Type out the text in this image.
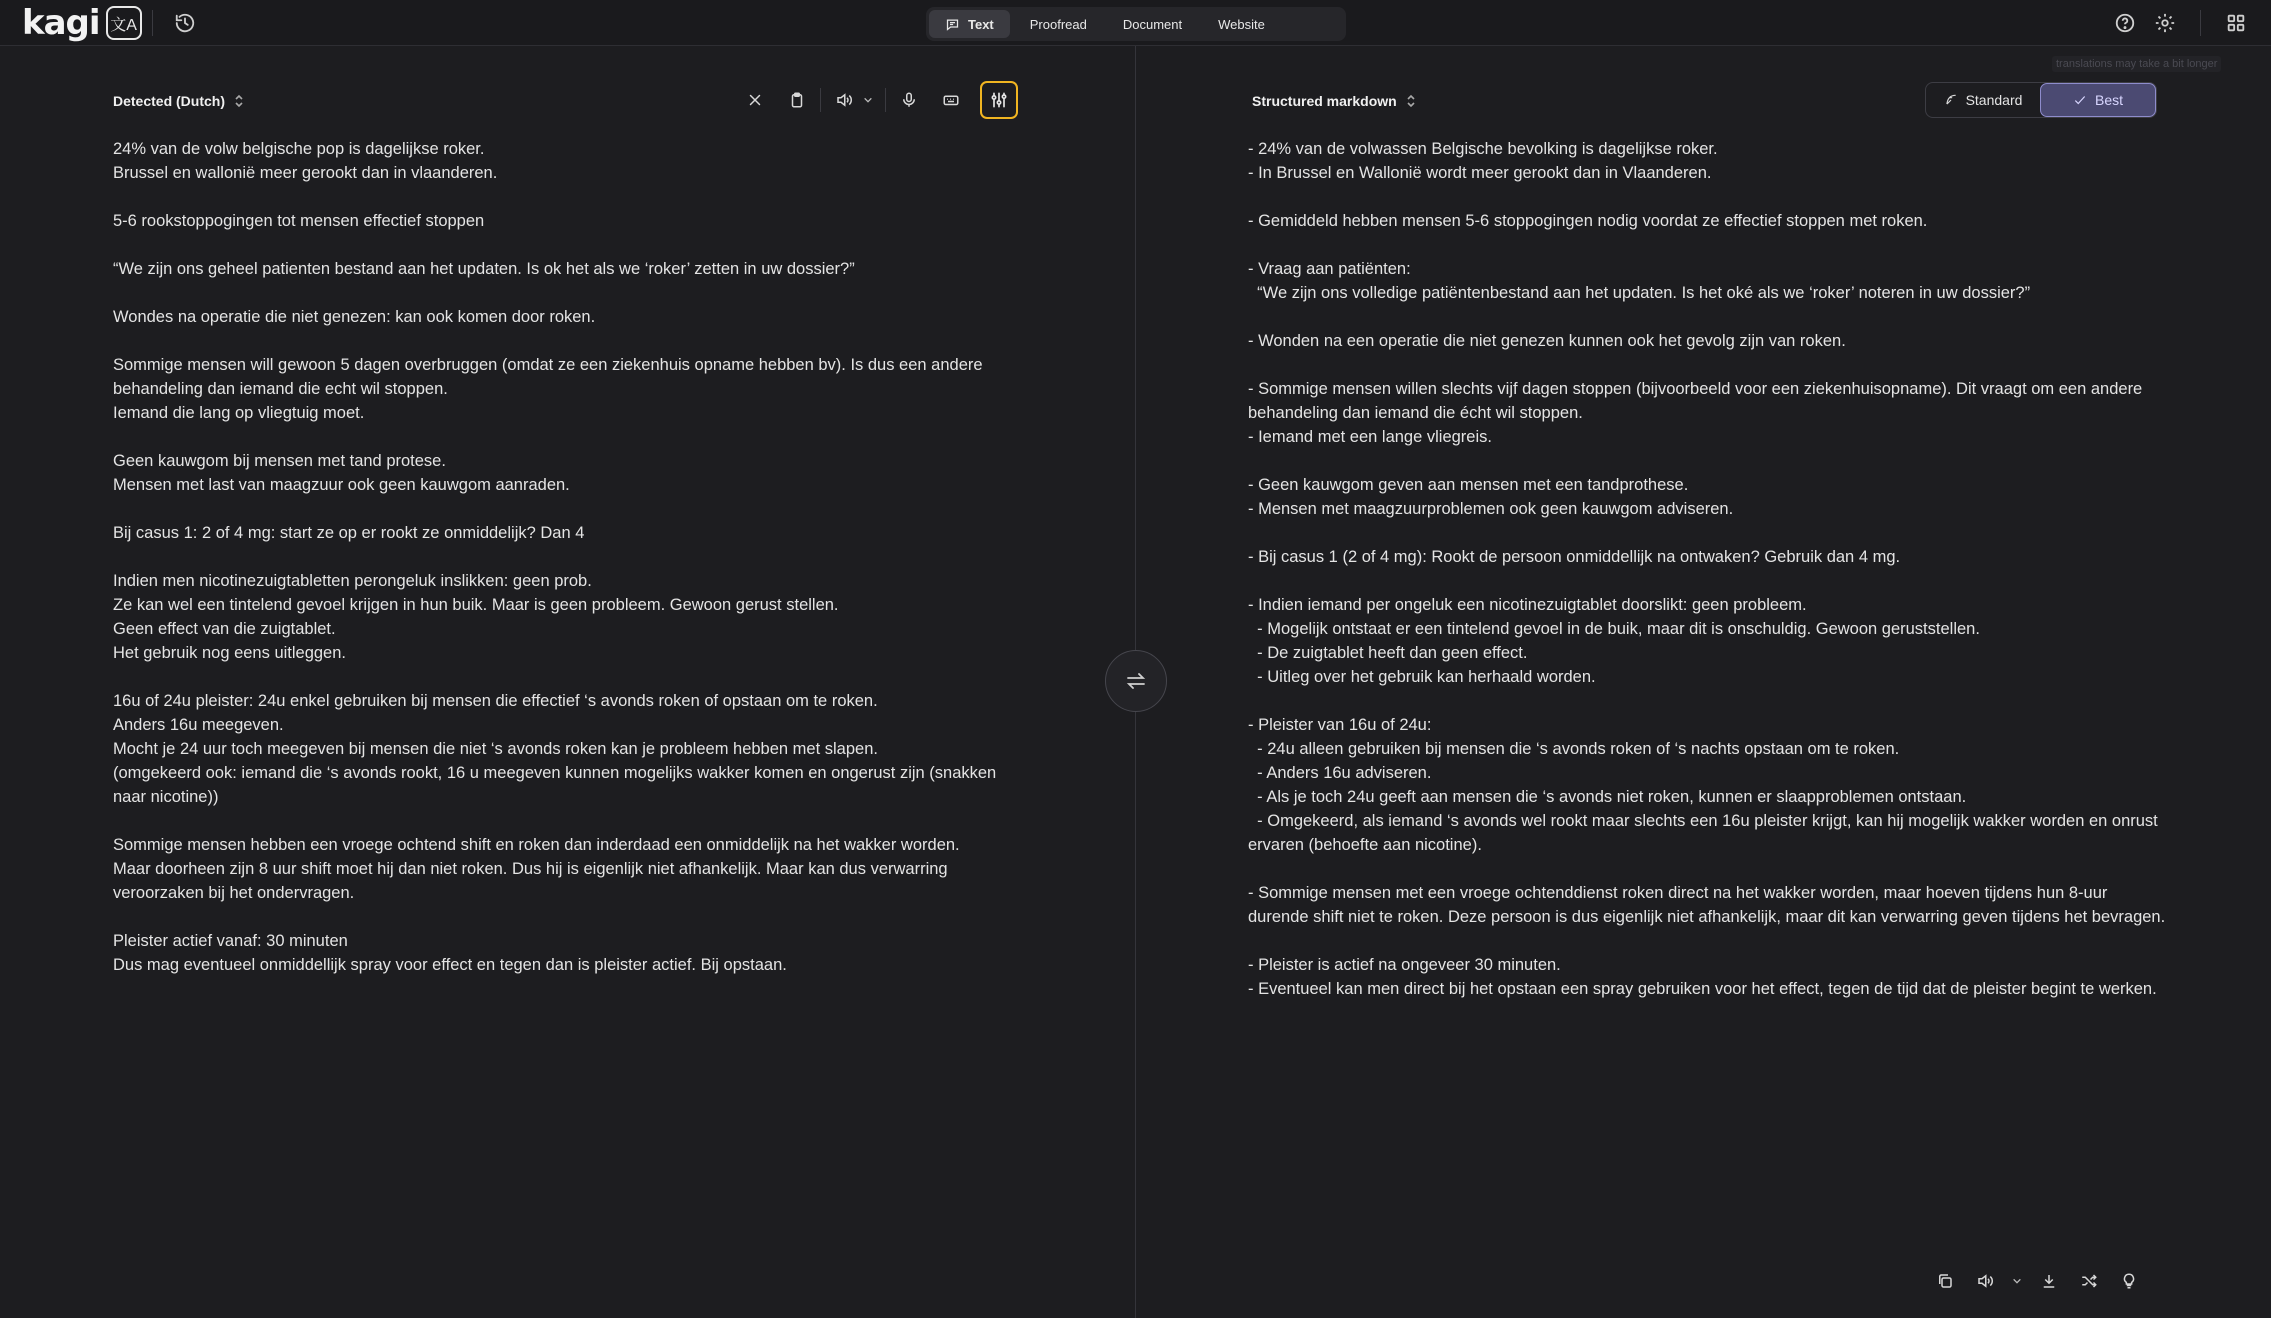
kagi 文A	Text	Proofread	Document	Website
Detected (Dutch)
24% van de volw belgische pop is dagelijkse roker.
Brussel en wallonië meer gerookt dan in vlaanderen.

5-6 rookstoppogingen tot mensen effectief stoppen

“We zijn ons geheel patienten bestand aan het updaten. Is ok het als we ‘roker’ zetten in uw dossier?”

Wondes na operatie die niet genezen: kan ook komen door roken.

Sommige mensen will gewoon 5 dagen overbruggen (omdat ze een ziekenhuis opname hebben bv). Is dus een andere behandeling dan iemand die echt wil stoppen.
Iemand die lang op vliegtuig moet.

Geen kauwgom bij mensen met tand protese.
Mensen met last van maagzuur ook geen kauwgom aanraden.

Bij casus 1: 2 of 4 mg: start ze op er rookt ze onmiddelijk? Dan 4

Indien men nicotinezuigtabletten perongeluk inslikken: geen prob.
Ze kan wel een tintelend gevoel krijgen in hun buik. Maar is geen probleem. Gewoon gerust stellen.
Geen effect van die zuigtablet.
Het gebruik nog eens uitleggen.

16u of 24u pleister: 24u enkel gebruiken bij mensen die effectief ‘s avonds roken of opstaan om te roken.
Anders 16u meegeven.
Mocht je 24 uur toch meegeven bij mensen die niet ‘s avonds roken kan je probleem hebben met slapen.
(omgekeerd ook: iemand die ‘s avonds rookt, 16 u meegeven kunnen mogelijks wakker komen en ongerust zijn (snakken naar nicotine))

Sommige mensen hebben een vroege ochtend shift en roken dan inderdaad een onmiddelijk na het wakker worden.
Maar doorheen zijn 8 uur shift moet hij dan niet roken. Dus hij is eigenlijk niet afhankelijk. Maar kan dus verwarring veroorzaken bij het ondervragen.

Pleister actief vanaf: 30 minuten
Dus mag eventueel onmiddellijk spray voor effect en tegen dan is pleister actief. Bij opstaan.
Structured markdown
translations may take a bit longer
Standard	Best
- 24% van de volwassen Belgische bevolking is dagelijkse roker.
- In Brussel en Wallonië wordt meer gerookt dan in Vlaanderen.

- Gemiddeld hebben mensen 5-6 stoppogingen nodig voordat ze effectief stoppen met roken.

- Vraag aan patiënten:
“We zijn ons volledige patiëntenbestand aan het updaten. Is het oké als we ‘roker’ noteren in uw dossier?”

- Wonden na een operatie die niet genezen kunnen ook het gevolg zijn van roken.

- Sommige mensen willen slechts vijf dagen stoppen (bijvoorbeeld voor een ziekenhuisopname). Dit vraagt om een andere behandeling dan iemand die écht wil stoppen.
- Iemand met een lange vliegreis.

- Geen kauwgom geven aan mensen met een tandprothese.
- Mensen met maagzuurproblemen ook geen kauwgom adviseren.

- Bij casus 1 (2 of 4 mg): Rookt de persoon onmiddellijk na ontwaken? Gebruik dan 4 mg.

- Indien iemand per ongeluk een nicotinezuigtablet doorslikt: geen probleem.
- Mogelijk ontstaat er een tintelend gevoel in de buik, maar dit is onschuldig. Gewoon geruststellen.
- De zuigtablet heeft dan geen effect.
- Uitleg over het gebruik kan herhaald worden.

- Pleister van 16u of 24u:
- 24u alleen gebruiken bij mensen die ‘s avonds roken of ‘s nachts opstaan om te roken.
- Anders 16u adviseren.
- Als je toch 24u geeft aan mensen die ‘s avonds niet roken, kunnen er slaapproblemen ontstaan.
- Omgekeerd, als iemand ‘s avonds wel rookt maar slechts een 16u pleister krijgt, kan hij mogelijk wakker worden en onrust ervaren (behoefte aan nicotine).

- Sommige mensen met een vroege ochtenddienst roken direct na het wakker worden, maar hoeven tijdens hun 8-uur durende shift niet te roken. Deze persoon is dus eigenlijk niet afhankelijk, maar dit kan verwarring geven tijdens het bevragen.

- Pleister is actief na ongeveer 30 minuten.
- Eventueel kan men direct bij het opstaan een spray gebruiken voor het effect, tegen de tijd dat de pleister begint te werken.
